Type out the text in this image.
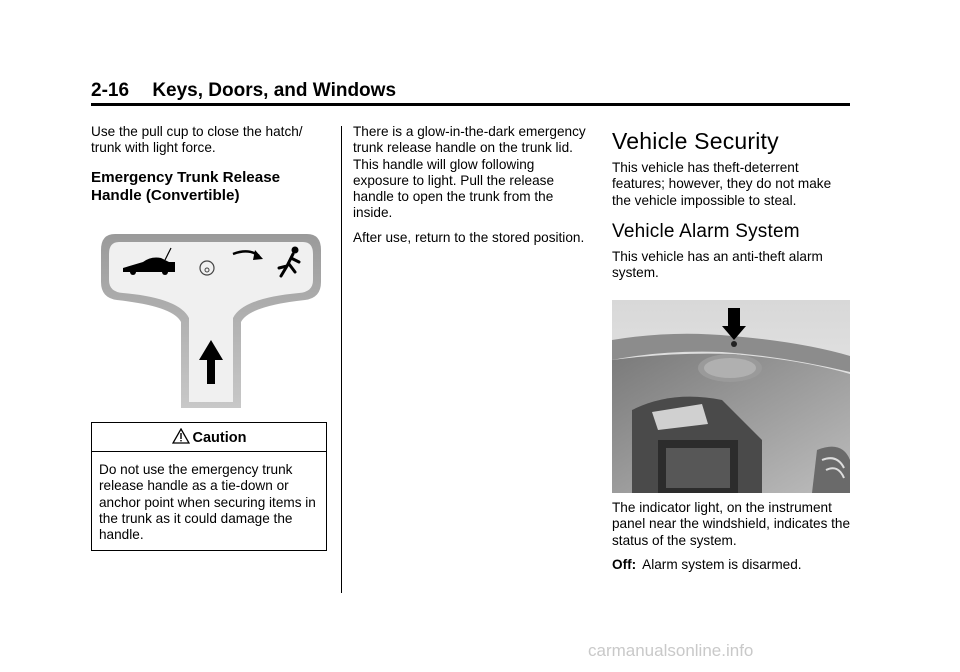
2-16 Keys, Doors, and Windows

Use the pull cup to close the hatch/ trunk with light force.

Emergency Trunk Release Handle (Convertible)
Caution
Do not use the emergency trunk release handle as a tie-down or anchor point when securing items in the trunk as it could damage the handle.

There is a glow-in-the-dark emergency trunk release handle on the trunk lid. This handle will glow following exposure to light. Pull the release handle to open the trunk from the inside.

After use, return to the stored position.

Vehicle Security

This vehicle has theft-deterrent features; however, they do not make the vehicle impossible to steal.

Vehicle Alarm System

This vehicle has an anti-theft alarm system.

The indicator light, on the instrument panel near the windshield, indicates the status of the system.

Off: Alarm system is disarmed.

carmanualsonline.info
